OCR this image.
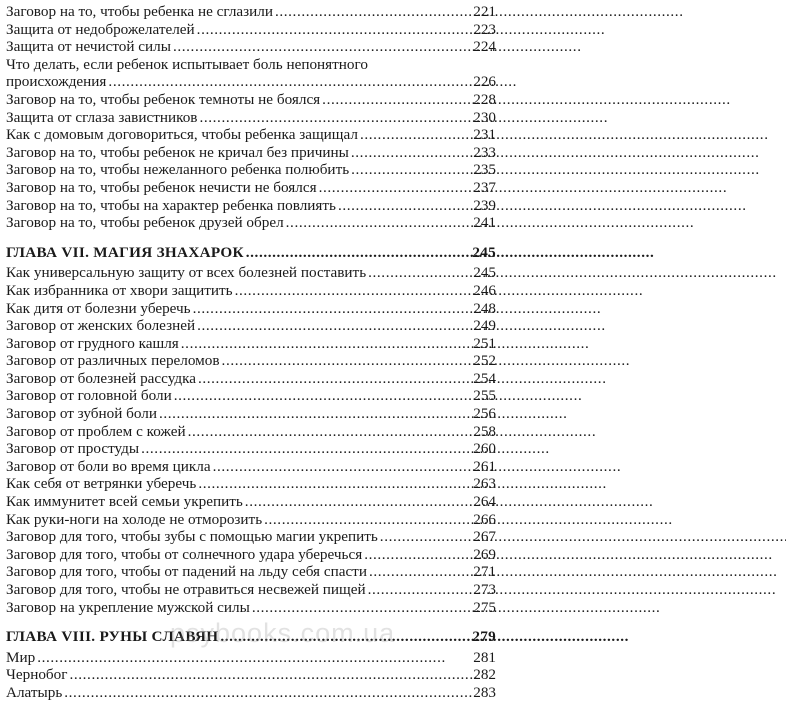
Заговор на то, чтобы ребенка не сглазили . . .	221
Защита от недоброжелателей . . .	223
Защита от нечистой силы . . .	224
Что делать, если ребенок испытывает боль непонятного
происхождения . . .	226
Заговор на то, чтобы ребенок темноты не боялся . . .	228
Защита от сглаза завистников . . .	230
Как с домовым договориться, чтобы ребенка защищал . . .	231
Заговор на то, чтобы ребенок не кричал без причины . . .	233
Заговор на то, чтобы нежеланного ребенка полюбить . . .	235
Заговор на то, чтобы ребенок нечисти не боялся . . .	237
Заговор на то, чтобы на характер ребенка повлиять . . .	239
Заговор на то, чтобы ребенок друзей обрел . . .	241
ГЛАВА VII. МАГИЯ ЗНАХАРОК . . .	245
Как универсальную защиту от всех болезней поставить . . .	245
Как избранника от хвори защитить . . .	246
Как дитя от болезни уберечь . . .	248
Заговор от женских болезней . . .	249
Заговор от грудного кашля . . .	251
Заговор от различных переломов . . .	252
Заговор от болезней рассудка . . .	254
Заговор от головной боли . . .	255
Заговор от зубной боли . . .	256
Заговор от проблем с кожей . . .	258
Заговор от простуды . . .	260
Заговор от боли во время цикла . . .	261
Как себя от ветрянки уберечь . . .	263
Как иммунитет всей семьи укрепить . . .	264
Как руки-ноги на холоде не отморозить . . .	266
Заговор для того, чтобы зубы с помощью магии укрепить . . .	267
Заговор для того, чтобы от солнечного удара уберечься . . .	269
Заговор для того, чтобы от падений на льду себя спасти . . .	271
Заговор для того, чтобы не отравиться несвежей пищей . . .	273
Заговор на укрепление мужской силы . . .	275
ГЛАВА VIII. РУНЫ СЛАВЯН . . .	279
Мир . . .	281
Чернобог . . .	282
Алатырь . . .	283
psybooks.com.ua
